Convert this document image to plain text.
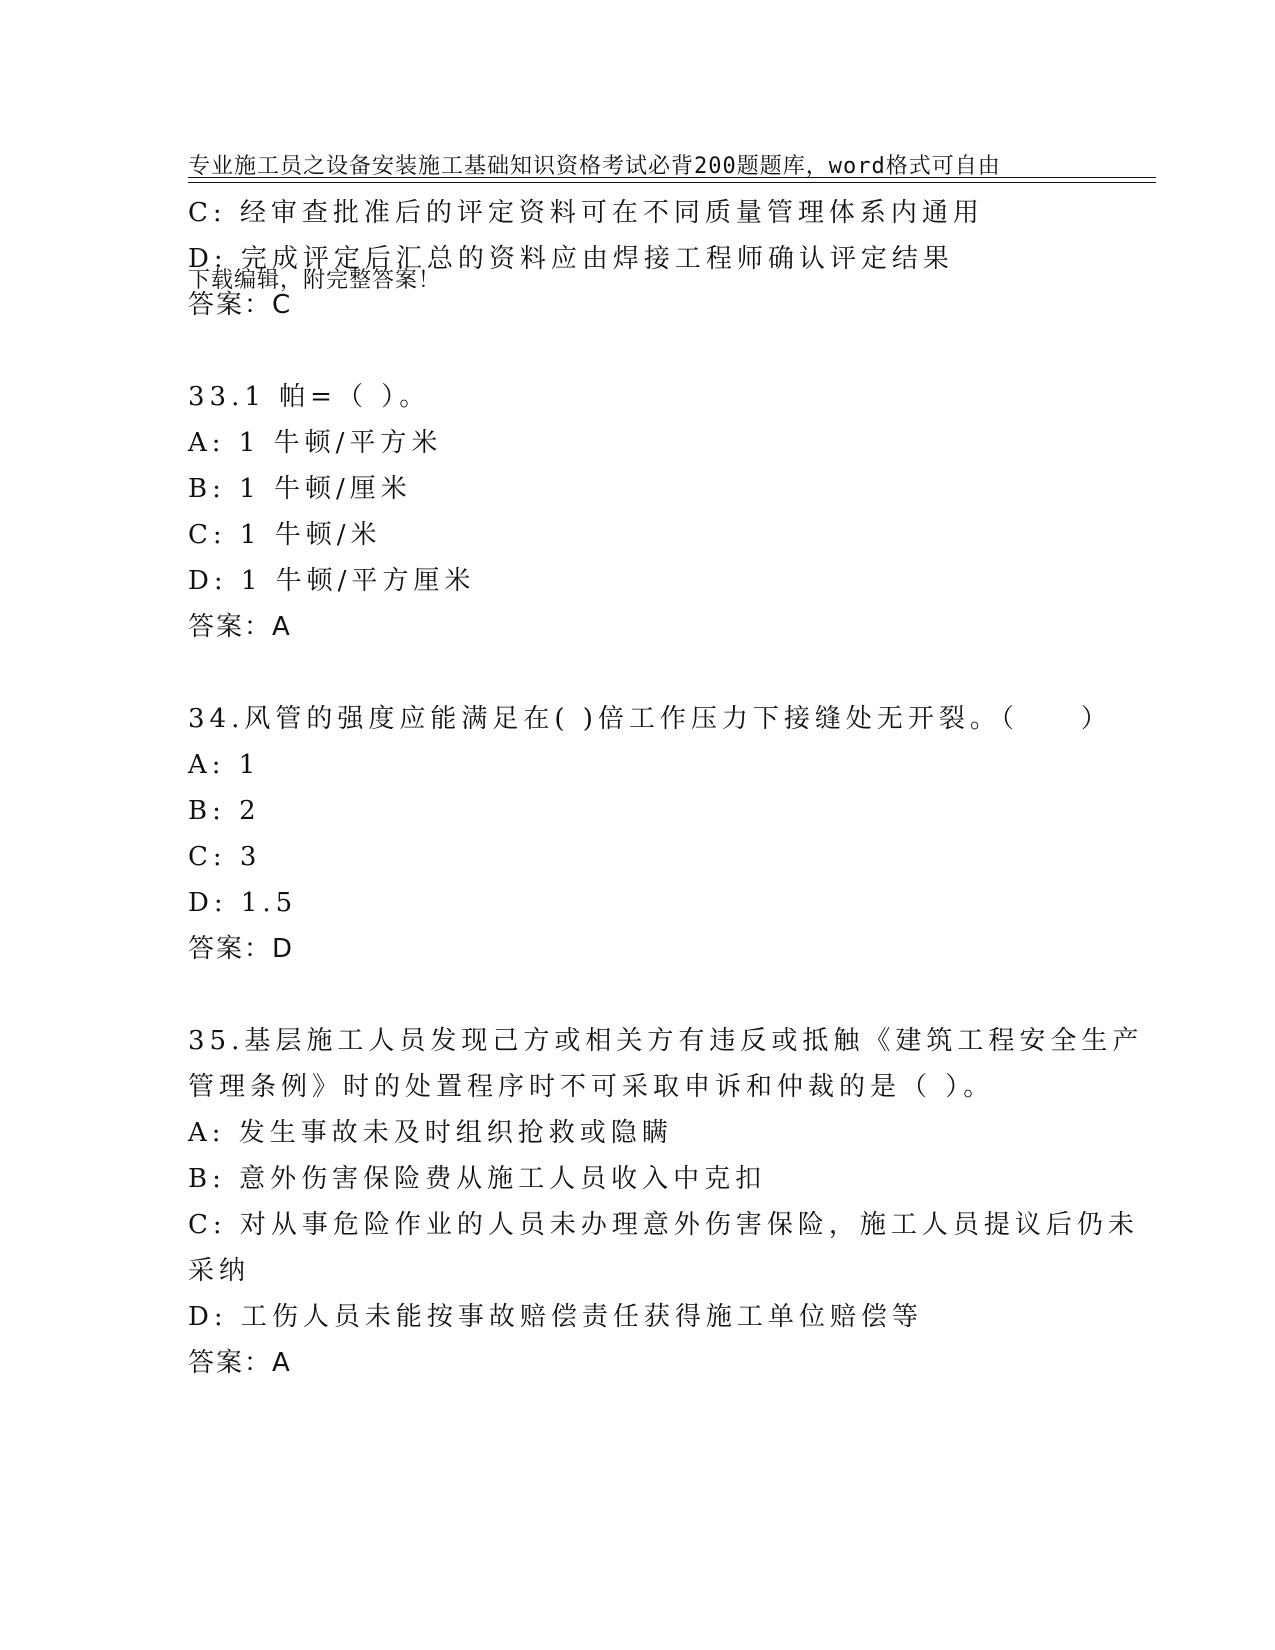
专业施工员之设备安装施工基础知识资格考试必背200题题库，word格式可自由

下载编辑，附完整答案！

C: 经审查批准后的评定资料可在不同质量管理体系内通用
D: 完成评定后汇总的资料应由焊接工程师确认评定结果
答案：C
33.1 帕=（ ）。
A: 1 牛顿/平方米
B: 1 牛顿/厘米
C: 1 牛顿/米
D: 1 牛顿/平方厘米
答案：A
34.风管的强度应能满足在( )倍工作压力下接缝处无开裂。（　　）
A: 1
B: 2
C: 3
D: 1.5
答案：D
35.基层施工人员发现己方或相关方有违反或抵触《建筑工程安全生产
管理条例》时的处置程序时不可采取申诉和仲裁的是（ ）。
A: 发生事故未及时组织抢救或隐瞒
B: 意外伤害保险费从施工人员收入中克扣
C: 对从事危险作业的人员未办理意外伤害保险，施工人员提议后仍未
采纳
D: 工伤人员未能按事故赔偿责任获得施工单位赔偿等
答案：A
